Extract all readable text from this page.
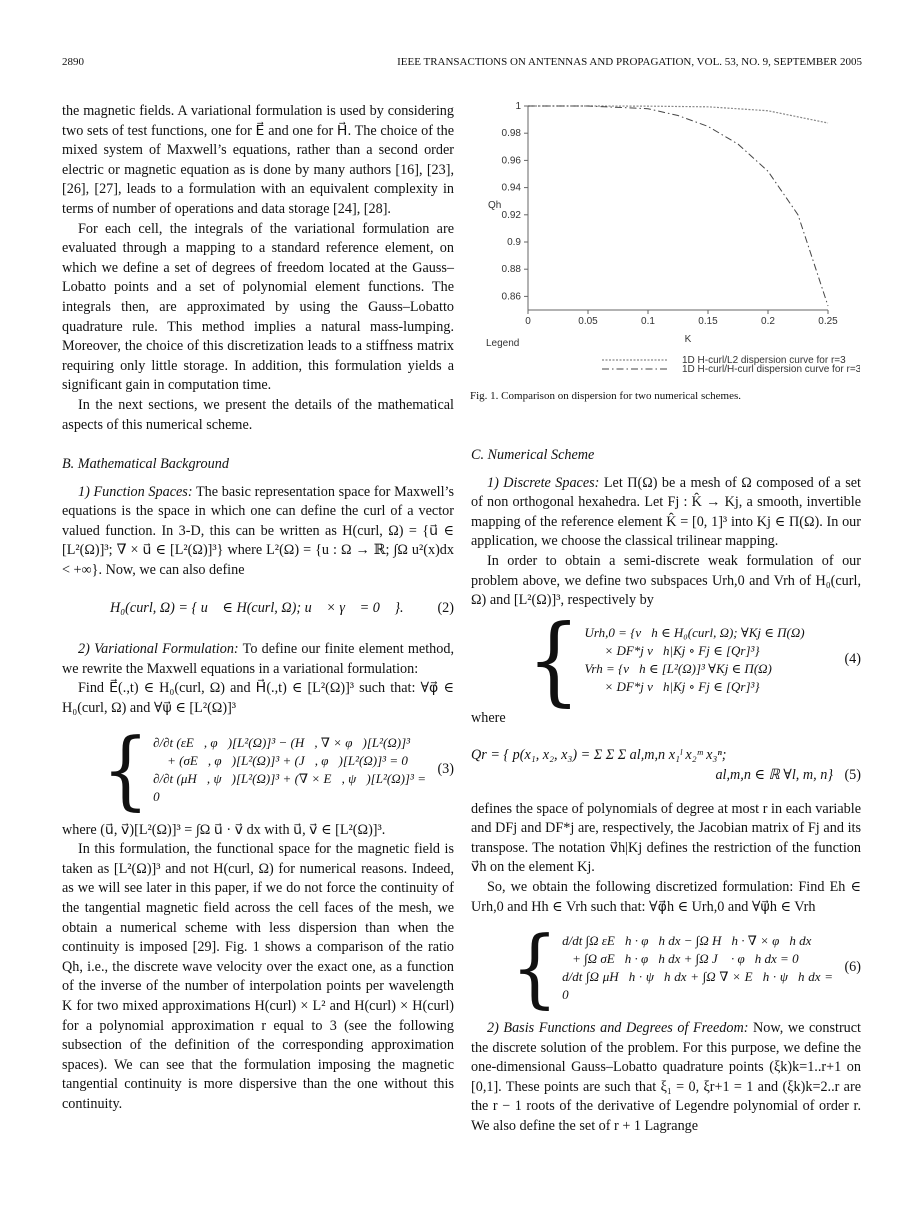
2890	IEEE TRANSACTIONS ON ANTENNAS AND PROPAGATION, VOL. 53, NO. 9, SEPTEMBER 2005

the magnetic fields. A variational formulation is used by considering two sets of test functions, one for E⃗ and one for H⃗. The choice of the mixed system of Maxwell’s equations, rather than a second order electric or magnetic equation as is done by many authors [16], [23], [26], [27], leads to a formulation with an equivalent complexity in terms of number of operations and data storage [24], [28].

For each cell, the integrals of the variational formulation are evaluated through a mapping to a standard reference element, on which we define a set of degrees of freedom located at the Gauss–Lobatto points and a set of polynomial element functions. The integrals then, are approximated by using the Gauss–Lobatto quadrature rule. This method implies a natural mass-lumping. Moreover, the choice of this discretization leads to a stiffness matrix requiring only little storage. In addition, this formulation yields a significant gain in computation time.

In the next sections, we present the details of the mathematical aspects of this numerical scheme.

B. Mathematical Background

1) Function Spaces: The basic representation space for Maxwell’s equations is the space in which one can define the curl of a vector valued function. In 3-D, this can be written as H(curl, Ω) = {u⃗ ∈ [L²(Ω)]³; ∇ × u⃗ ∈ [L²(Ω)]³} where L²(Ω) = {u : Ω → ℝ; ∫Ω u²(x)dx < +∞}. Now, we can also define

H₀(curl, Ω) = { u⃗ ∈ H(curl, Ω); u⃗ × γ⃗ = 0⃗ }.	(2)

2) Variational Formulation: To define our finite element method, we rewrite the Maxwell equations in a variational formulation:

Find E⃗(.,t) ∈ H₀(curl, Ω) and H⃗(.,t) ∈ [L²(Ω)]³ such that: ∀φ⃗ ∈ H₀(curl, Ω) and ∀ψ⃗ ∈ [L²(Ω)]³

{ ∂/∂t (εE⃗, φ⃗)[L²(Ω)]³ − (H⃗, ∇ × φ⃗)[L²(Ω)]³
+ (σE⃗, φ⃗)[L²(Ω)]³ + (J⃗, φ⃗)[L²(Ω)]³ = 0
∂/∂t (μH⃗, ψ⃗)[L²(Ω)]³ + (∇ × E⃗, ψ⃗)[L²(Ω)]³ = 0
(3)

where (u⃗, v⃗)[L²(Ω)]³ = ∫Ω u⃗ · v⃗ dx with u⃗, v⃗ ∈ [L²(Ω)]³.

In this formulation, the functional space for the magnetic field is taken as [L²(Ω)]³ and not H(curl, Ω) for numerical reasons. Indeed, as we will see later in this paper, if we do not force the continuity of the tangential magnetic field across the cell faces of the mesh, we obtain a numerical scheme with less dispersion than when the continuity is imposed [29]. Fig. 1 shows a comparison of the ratio Qh, i.e., the discrete wave velocity over the exact one, as a function of the inverse of the number of interpolation points per wavelength K for two mixed approximations H(curl) × L² and H(curl) × H(curl) for a polynomial approximation r equal to 3 (see the following subsection of the definition of the corresponding approximation spaces). We can see that the formulation imposing the magnetic tangential continuity is more dispersive than the one without this continuity.

0	0.05	0.1	0.15	0.2	0.25
1
0.98
0.96
0.94
0.92
0.9
0.88
0.86
Qh
K
Legend
1D H-curl/L2 dispersion curve for r=3
1D H-curl/H-curl dispersion curve for r=3
Fig. 1. Comparison on dispersion for two numerical schemes.
C. Numerical Scheme

1) Discrete Spaces: Let Π(Ω) be a mesh of Ω composed of a set of non orthogonal hexahedra. Let Fj : K̂ → Kj, a smooth, invertible mapping of the reference element K̂ = [0, 1]³ into Kj ∈ Π(Ω). In our application, we choose the classical trilinear mapping.

In order to obtain a semi-discrete weak formulation of our problem above, we define two subspaces Urh,0 and Vrh of H₀(curl, Ω) and [L²(Ω)]³, respectively by

{ Urh,0 = {v⃗h ∈ H₀(curl, Ω); ∀Kj ∈ Π(Ω)
× DF*j v⃗h|Kj ∘ Fj ∈ [Qr]³}
Vrh = {v⃗h ∈ [L²(Ω)]³ ∀Kj ∈ Π(Ω)
× DF*j v⃗h|Kj ∘ Fj ∈ [Qr]³}
(4)

where

Qr = { p(x₁, x₂, x₃) = Σ Σ Σ al,m,n x₁ˡ x₂ᵐ x₃ⁿ;
al,m,n ∈ ℝ ∀l, m, n} (5)

defines the space of polynomials of degree at most r in each variable and DFj and DF*j are, respectively, the Jacobian matrix of Fj and its transpose. The notation v⃗h|Kj defines the restriction of the function v⃗h on the element Kj.

So, we obtain the following discretized formulation: Find Eh ∈ Urh,0 and Hh ∈ Vrh such that: ∀φ⃗h ∈ Urh,0 and ∀ψ⃗h ∈ Vrh

{ d/dt ∫Ω εE⃗h · φ⃗h dx − ∫Ω H⃗h · ∇ × φ⃗h dx
+ ∫Ω σE⃗h · φ⃗h dx + ∫Ω J⃗ · φ⃗h dx = 0
d/dt ∫Ω μH⃗h · ψ⃗h dx + ∫Ω ∇ × E⃗h · ψ⃗h dx = 0
(6)

2) Basis Functions and Degrees of Freedom: Now, we construct the discrete solution of the problem. For this purpose, we define the one-dimensional Gauss–Lobatto quadrature points (ξk)k=1..r+1 on [0,1]. These points are such that ξ₁ = 0, ξr+1 = 1 and (ξk)k=2..r are the r − 1 roots of the derivative of Legendre polynomial of order r. We also define the set of r + 1 Lagrange
